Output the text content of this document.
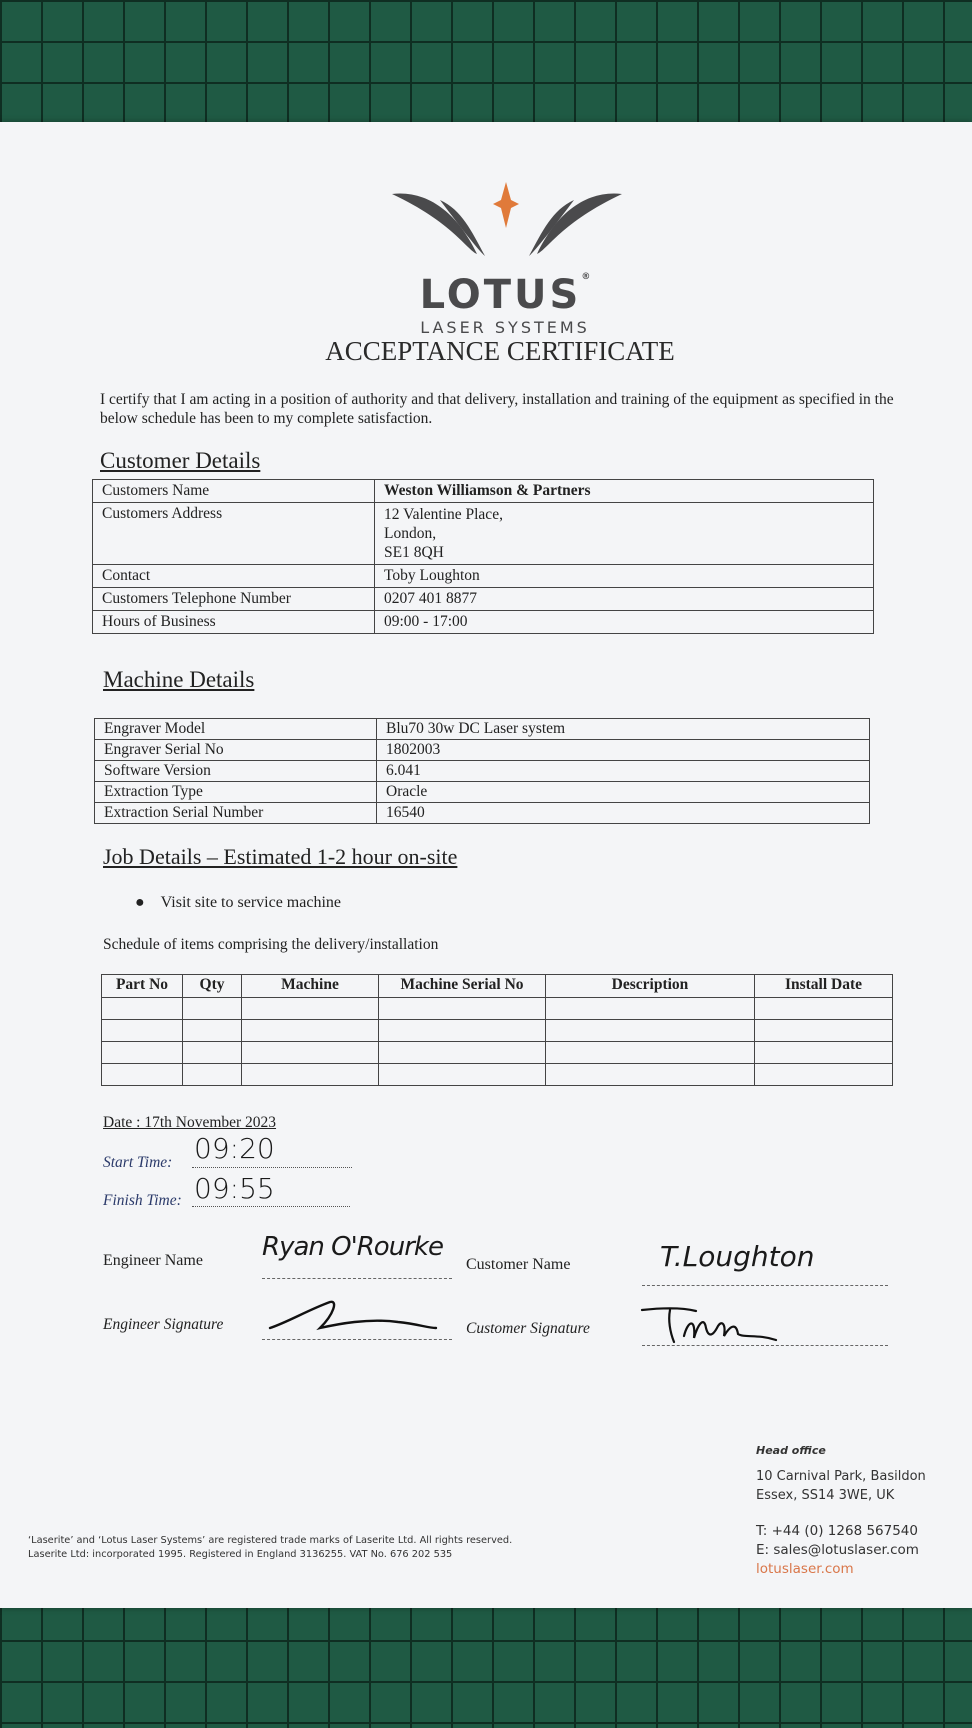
LOTUS®
LASER SYSTEMS
ACCEPTANCE CERTIFICATE
I certify that I am acting in a position of authority and that delivery, installation and training of the equipment as specified in the below schedule has been to my complete satisfaction.
Customer Details
Customers Name	Weston Williamson & Partners
Customers Address	12 Valentine Place,
London,
SE1 8QH
Contact	Toby Loughton
Customers Telephone Number	0207 401 8877
Hours of Business	09:00 - 17:00
Machine Details
Engraver Model	Blu70 30w DC Laser system
Engraver Serial No	1802003
Software Version	6.041
Extraction Type	Oracle
Extraction Serial Number	16540
Job Details – Estimated 1-2 hour on-site
● Visit site to service machine
Schedule of items comprising the delivery/installation
Part No	Qty	Machine	Machine Serial No	Description	Install Date

Date : 17th November 2023
Start Time: 09:20
Finish Time: 09:55
Engineer Name Ryan O'Rourke
Customer Name	T.Loughton
Engineer Signature	Customer Signature
‘Laserite’ and ‘Lotus Laser Systems’ are registered trade marks of Laserite Ltd. All rights reserved.
Laserite Ltd: incorporated 1995. Registered in England 3136255. VAT No. 676 202 535
Head office
10 Carnival Park, Basildon
Essex, SS14 3WE, UK
T: +44 (0) 1268 567540
E: sales@lotuslaser.com
lotuslaser.com
